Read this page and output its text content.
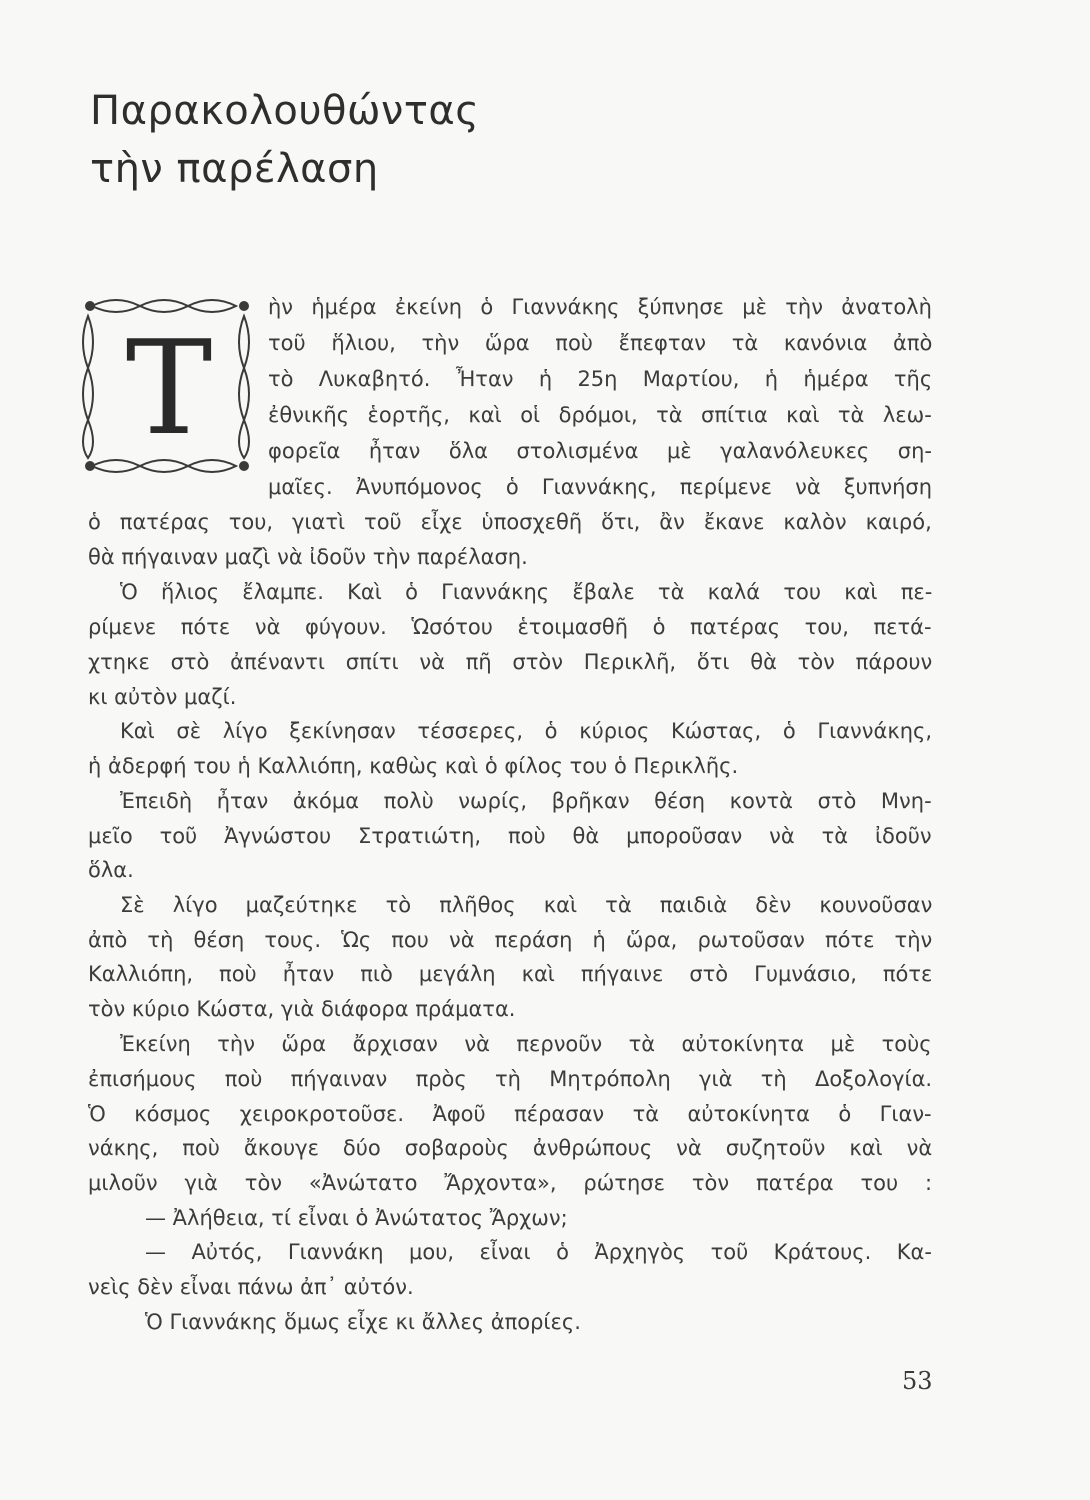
Παρακολουθώντας
τὴν παρέλαση
Τ
ὴν ἡμέρα ἐκείνη ὁ Γιαννάκης ξύπνησε μὲ τὴν ἀνατολὴ
τοῦ ἥλιου, τὴν ὥρα ποὺ ἔπεφταν τὰ κανόνια ἀπὸ
τὸ Λυκαβητό. Ἦταν ἡ 25η Μαρτίου, ἡ ἡμέρα τῆς
ἐθνικῆς ἑορτῆς, καὶ οἱ δρόμοι, τὰ σπίτια καὶ τὰ λεω-
φορεῖα ἦταν ὅλα στολισμένα μὲ γαλανόλευκες ση-
μαῖες. Ἀνυπόμονος ὁ Γιαννάκης, περίμενε νὰ ξυπνήση
ὁ πατέρας του, γιατὶ τοῦ εἶχε ὑποσχεθῆ ὅτι, ἂν ἔκανε καλὸν καιρό,
θὰ πήγαιναν μαζὶ νὰ ἰδοῦν τὴν παρέλαση.
Ὁ ἥλιος ἔλαμπε. Καὶ ὁ Γιαννάκης ἔβαλε τὰ καλά του καὶ πε-
ρίμενε πότε νὰ φύγουν. Ὡσότου ἑτοιμασθῆ ὁ πατέρας του, πετά-
χτηκε στὸ ἀπέναντι σπίτι νὰ πῆ στὸν Περικλῆ, ὅτι θὰ τὸν πάρουν
κι αὐτὸν μαζί.
Καὶ σὲ λίγο ξεκίνησαν τέσσερες, ὁ κύριος Κώστας, ὁ Γιαννάκης,
ἡ ἀδερφή του ἡ Καλλιόπη, καθὼς καὶ ὁ φίλος του ὁ Περικλῆς.
Ἐπειδὴ ἦταν ἀκόμα πολὺ νωρίς, βρῆκαν θέση κοντὰ στὸ Μνη-
μεῖο τοῦ Ἀγνώστου Στρατιώτη, ποὺ θὰ μποροῦσαν νὰ τὰ ἰδοῦν
ὅλα.
Σὲ λίγο μαζεύτηκε τὸ πλῆθος καὶ τὰ παιδιὰ δὲν κουνοῦσαν
ἀπὸ τὴ θέση τους. Ὡς που νὰ περάση ἡ ὥρα, ρωτοῦσαν πότε τὴν
Καλλιόπη, ποὺ ἦταν πιὸ μεγάλη καὶ πήγαινε στὸ Γυμνάσιο, πότε
τὸν κύριο Κώστα, γιὰ διάφορα πράματα.
Ἐκείνη τὴν ὥρα ἄρχισαν νὰ περνοῦν τὰ αὐτοκίνητα μὲ τοὺς
ἐπισήμους ποὺ πήγαιναν πρὸς τὴ Μητρόπολη γιὰ τὴ Δοξολογία.
Ὁ κόσμος χειροκροτοῦσε. Ἀφοῦ πέρασαν τὰ αὐτοκίνητα ὁ Γιαν-
νάκης, ποὺ ἄκουγε δύο σοβαροὺς ἀνθρώπους νὰ συζητοῦν καὶ νὰ
μιλοῦν γιὰ τὸν «Ἀνώτατο Ἄρχοντα», ρώτησε τὸν πατέρα του :
— Ἀλήθεια, τί εἶναι ὁ Ἀνώτατος Ἄρχων;
— Αὐτός, Γιαννάκη μου, εἶναι ὁ Ἀρχηγὸς τοῦ Κράτους. Κα-
νεὶς δὲν εἶναι πάνω ἀπ᾿ αὐτόν.
Ὁ Γιαννάκης ὅμως εἶχε κι ἄλλες ἀπορίες.
53
